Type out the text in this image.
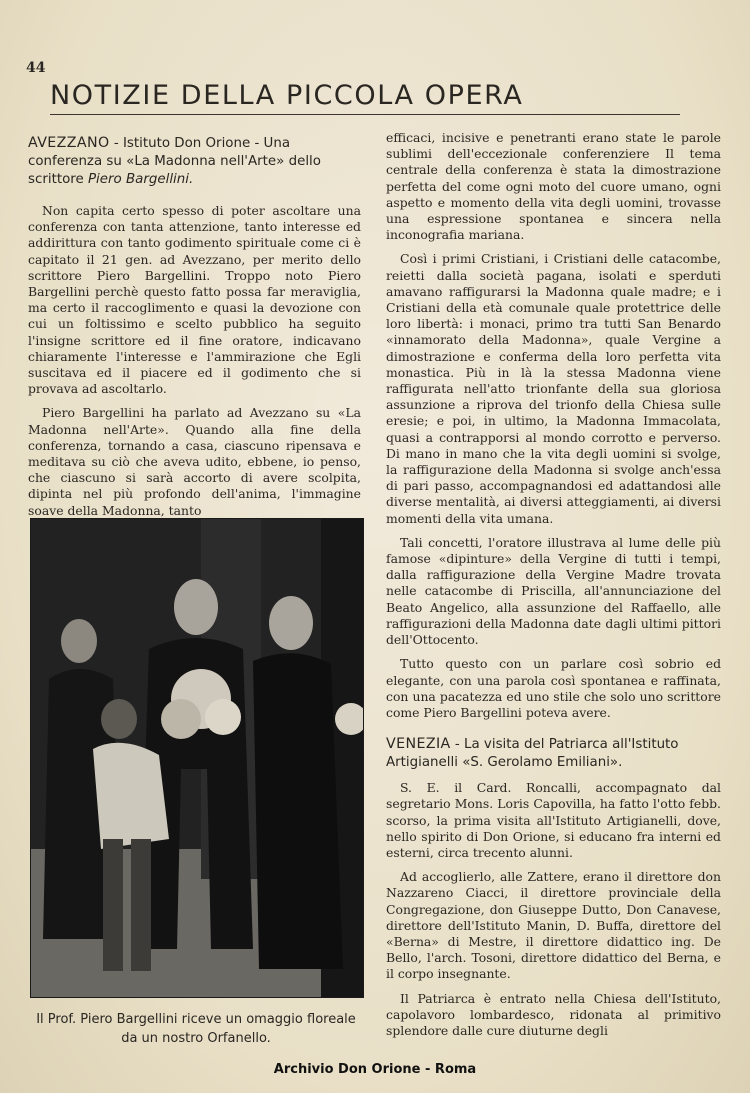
44
NOTIZIE DELLA PICCOLA OPERA
AVEZZANO - Istituto Don Orione - Una conferenza su «La Madonna nell'Arte» dello scrittore Piero Bargellini.

Non capita certo spesso di poter ascoltare una conferenza con tanta attenzione, tanto interesse ed addirittura con tanto godimento spirituale come ci è capitato il 21 gen. ad Avezzano, per merito dello scrittore Piero Bargellini. Troppo noto Piero Bargellini perchè questo fatto possa far meraviglia, ma certo il raccoglimento e quasi la devozione con cui un foltissimo e scelto pubblico ha seguito l'insigne scrittore ed il fine oratore, indicavano chiaramente l'interesse e l'ammirazione che Egli suscitava ed il piacere ed il godimento che si provava ad ascoltarlo.

Piero Bargellini ha parlato ad Avezzano su «La Madonna nell'Arte». Quando alla fine della conferenza, tornando a casa, ciascuno ripensava e meditava su ciò che aveva udito, ebbene, io penso, che ciascuno si sarà accorto di avere scolpita, dipinta nel più profondo dell'anima, l'immagine soave della Madonna, tanto

Il Prof. Piero Bargellini riceve un omaggio floreale da un nostro Orfanello.

efficaci, incisive e penetranti erano state le parole sublimi dell'eccezionale conferenziere Il tema centrale della conferenza è stata la dimostrazione perfetta del come ogni moto del cuore umano, ogni aspetto e momento della vita degli uomini, trovasse una espressione spontanea e sincera nella inconografia mariana.

Così i primi Cristiani, i Cristiani delle catacombe, reietti dalla società pagana, isolati e sperduti amavano raffigurarsi la Madonna quale madre; e i Cristiani della età comunale quale protettrice delle loro libertà: i monaci, primo tra tutti San Benardo «innamorato della Madonna», quale Vergine a dimostrazione e conferma della loro perfetta vita monastica. Più in là la stessa Madonna viene raffigurata nell'atto trionfante della sua gloriosa assunzione a riprova del trionfo della Chiesa sulle eresie; e poi, in ultimo, la Madonna Immacolata, quasi a contrapporsi al mondo corrotto e perverso. Di mano in mano che la vita degli uomini si svolge, la raffigurazione della Madonna si svolge anch'essa di pari passo, accompagnandosi ed adattandosi alle diverse mentalità, ai diversi atteggiamenti, ai diversi momenti della vita umana.

Tali concetti, l'oratore illustrava al lume delle più famose «dipinture» della Vergine di tutti i tempi, dalla raffigurazione della Vergine Madre trovata nelle catacombe di Priscilla, all'annunciazione del Beato Angelico, alla assunzione del Raffaello, alle raffigurazioni della Madonna date dagli ultimi pittori dell'Ottocento.

Tutto questo con un parlare così sobrio ed elegante, con una parola così spontanea e raffinata, con una pacatezza ed uno stile che solo uno scrittore come Piero Bargellini poteva avere.

VENEZIA - La visita del Patriarca all'Istituto Artigianelli «S. Gerolamo Emiliani».

S. E. il Card. Roncalli, accompagnato dal segretario Mons. Loris Capovilla, ha fatto l'otto febb. scorso, la prima visita all'Istituto Artigianelli, dove, nello spirito di Don Orione, si educano fra interni ed esterni, circa trecento alunni.

Ad accoglierlo, alle Zattere, erano il direttore don Nazzareno Ciacci, il direttore provinciale della Congregazione, don Giuseppe Dutto, Don Canavese, direttore dell'Istituto Manin, D. Buffa, direttore del «Berna» di Mestre, il direttore didattico ing. De Bello, l'arch. Tosoni, direttore didattico del Berna, e il corpo insegnante.

Il Patriarca è entrato nella Chiesa dell'Istituto, capolavoro lombardesco, ridonata al primitivo splendore dalle cure diuturne degli

Archivio Don Orione - Roma
